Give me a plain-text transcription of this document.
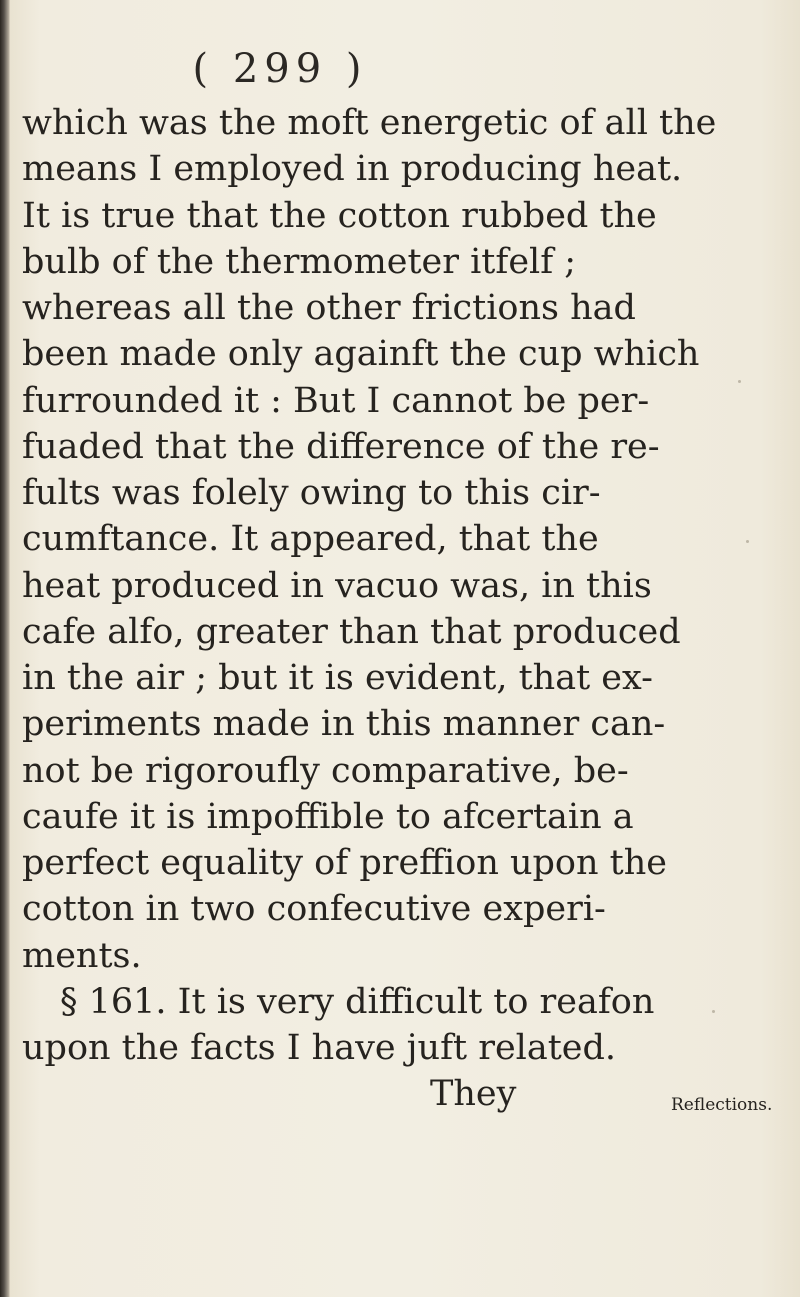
( 299 )
which was the moft energetic of all the
means I employed in producing heat.
It is true that the cotton rubbed the
bulb of the thermometer itfelf ;
whereas all the other frictions had
been made only againft the cup which
furrounded it : But I cannot be per-
fuaded that the difference of the re-
fults was folely owing to this cir-
cumftance. It appeared, that the
heat produced in vacuo was, in this
cafe alfo, greater than that produced
in the air ; but it is evident, that ex-
periments made in this manner can-
not be rigoroufly comparative, be-
caufe it is impoffible to afcertain a
perfect equality of preffion upon the
cotton in two confecutive experi-
ments.
§ 161. It is very difficult to reafon
upon the facts I have juft related.
They	Reflections.
